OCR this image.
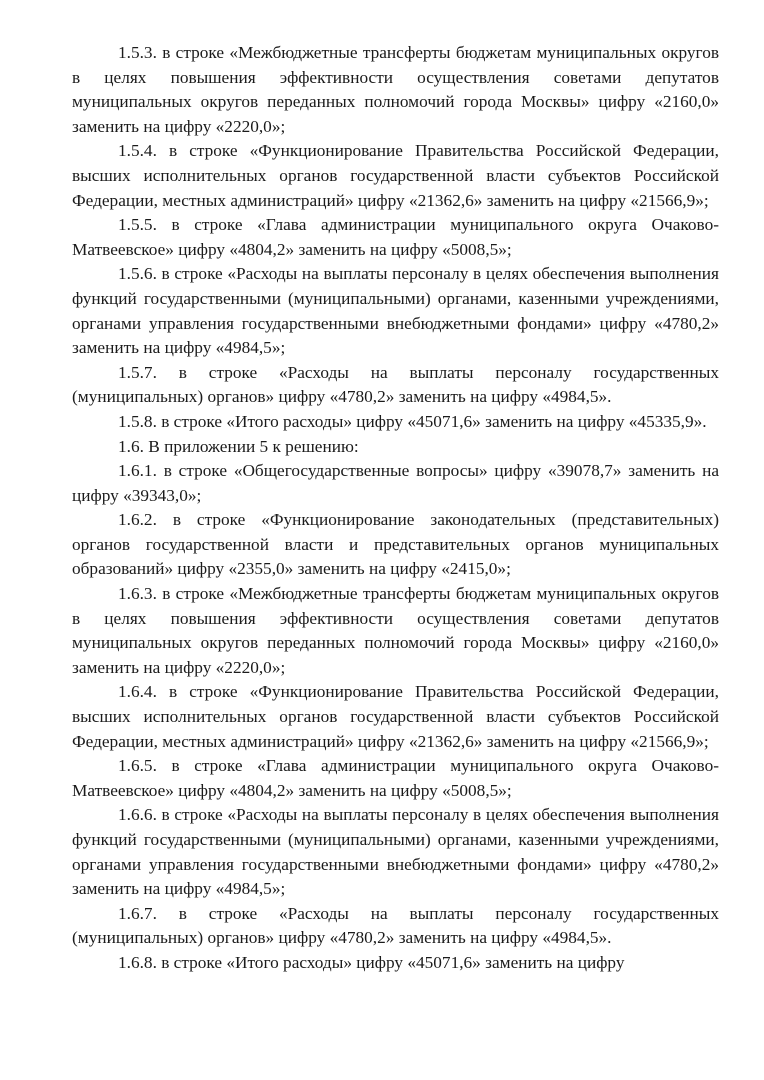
1.5.3. в строке «Межбюджетные трансферты бюджетам муниципальных округов в целях повышения эффективности осуществления советами депутатов муниципальных округов переданных полномочий города Москвы» цифру «2160,0» заменить на цифру «2220,0»;

1.5.4. в строке «Функционирование Правительства Российской Федерации, высших исполнительных органов государственной власти субъектов Российской Федерации, местных администраций» цифру «21362,6» заменить на цифру «21566,9»;

1.5.5. в строке «Глава администрации муниципального округа Очаково-Матвеевское» цифру «4804,2» заменить на цифру «5008,5»;

1.5.6. в строке «Расходы на выплаты персоналу в целях обеспечения выполнения функций государственными (муниципальными) органами, казенными учреждениями, органами управления государственными внебюджетными фондами» цифру «4780,2» заменить на цифру «4984,5»;

1.5.7. в строке «Расходы на выплаты персоналу государственных (муниципальных) органов» цифру «4780,2» заменить на цифру «4984,5».

1.5.8. в строке «Итого расходы» цифру «45071,6» заменить на цифру «45335,9».

1.6. В приложении 5 к решению:

1.6.1. в строке «Общегосударственные вопросы» цифру «39078,7» заменить на цифру «39343,0»;

1.6.2. в строке «Функционирование законодательных (представительных) органов государственной власти и представительных органов муниципальных образований» цифру «2355,0» заменить на цифру «2415,0»;

1.6.3. в строке «Межбюджетные трансферты бюджетам муниципальных округов в целях повышения эффективности осуществления советами депутатов муниципальных округов переданных полномочий города Москвы» цифру «2160,0» заменить на цифру «2220,0»;

1.6.4. в строке «Функционирование Правительства Российской Федерации, высших исполнительных органов государственной власти субъектов Российской Федерации, местных администраций» цифру «21362,6» заменить на цифру «21566,9»;

1.6.5. в строке «Глава администрации муниципального округа Очаково-Матвеевское» цифру «4804,2» заменить на цифру «5008,5»;

1.6.6. в строке «Расходы на выплаты персоналу в целях обеспечения выполнения функций государственными (муниципальными) органами, казенными учреждениями, органами управления государственными внебюджетными фондами» цифру «4780,2» заменить на цифру «4984,5»;

1.6.7. в строке «Расходы на выплаты персоналу государственных (муниципальных) органов» цифру «4780,2» заменить на цифру «4984,5».

1.6.8. в строке «Итого расходы» цифру «45071,6» заменить на цифру
